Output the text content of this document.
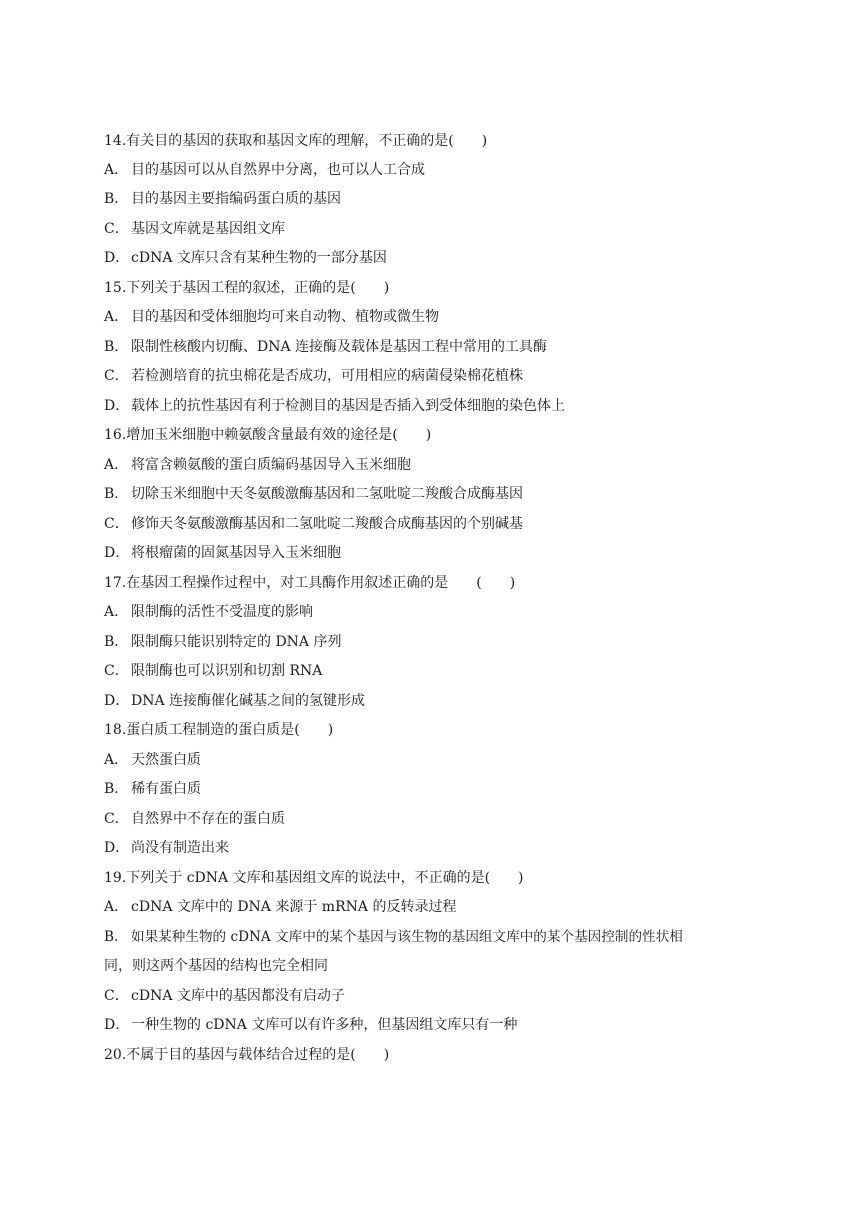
14.有关目的基因的获取和基因文库的理解，不正确的是(　　)
A． 目的基因可以从自然界中分离，也可以人工合成
B． 目的基因主要指编码蛋白质的基因
C． 基因文库就是基因组文库
D． cDNA 文库只含有某种生物的一部分基因
15.下列关于基因工程的叙述，正确的是(　　)
A． 目的基因和受体细胞均可来自动物、植物或微生物
B． 限制性核酸内切酶、DNA 连接酶及载体是基因工程中常用的工具酶
C． 若检测培育的抗虫棉花是否成功，可用相应的病菌侵染棉花植株
D． 载体上的抗性基因有利于检测目的基因是否插入到受体细胞的染色体上
16.增加玉米细胞中赖氨酸含量最有效的途径是(　　)
A． 将富含赖氨酸的蛋白质编码基因导入玉米细胞
B． 切除玉米细胞中天冬氨酸激酶基因和二氢吡啶二羧酸合成酶基因
C． 修饰天冬氨酸激酶基因和二氢吡啶二羧酸合成酶基因的个别碱基
D． 将根瘤菌的固氮基因导入玉米细胞
17.在基因工程操作过程中，对工具酶作用叙述正确的是　　(　　)
A． 限制酶的活性不受温度的影响
B． 限制酶只能识别特定的 DNA 序列
C． 限制酶也可以识别和切割 RNA
D． DNA 连接酶催化碱基之间的氢键形成
18.蛋白质工程制造的蛋白质是(　　)
A． 天然蛋白质
B． 稀有蛋白质
C． 自然界中不存在的蛋白质
D． 尚没有制造出来
19.下列关于 cDNA 文库和基因组文库的说法中，不正确的是(　　)
A． cDNA 文库中的 DNA 来源于 mRNA 的反转录过程
B． 如果某种生物的 cDNA 文库中的某个基因与该生物的基因组文库中的某个基因控制的性状相
同，则这两个基因的结构也完全相同
C． cDNA 文库中的基因都没有启动子
D． 一种生物的 cDNA 文库可以有许多种，但基因组文库只有一种
20.不属于目的基因与载体结合过程的是(　　)
